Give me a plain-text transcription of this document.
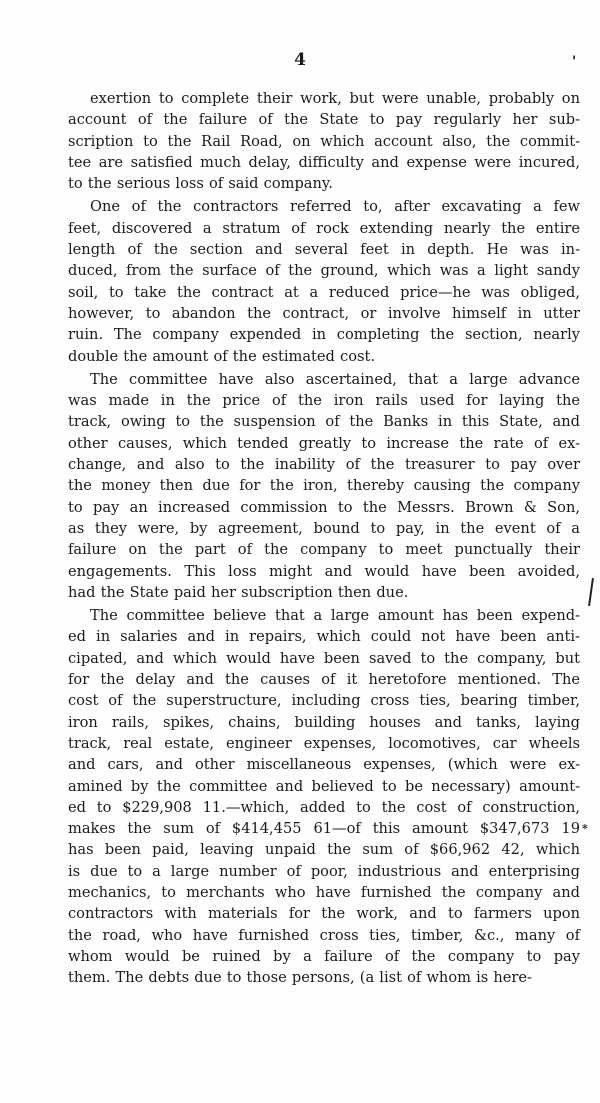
4	'
*
exertion to complete their work, but were unable, probably on
account of the failure of the State to pay regularly her sub-
scription to the Rail Road, on which account also, the commit-
tee are satisfied much delay, difficulty and expense were incured,
to the serious loss of said company.
One of the contractors referred to, after excavating a few
feet, discovered a stratum of rock extending nearly the entire
length of the section and several feet in depth. He was in-
duced, from the surface of the ground, which was a light sandy
soil, to take the contract at a reduced price—he was obliged,
however, to abandon the contract, or involve himself in utter
ruin. The company expended in completing the section, nearly
double the amount of the estimated cost.
The committee have also ascertained, that a large advance
was made in the price of the iron rails used for laying the
track, owing to the suspension of the Banks in this State, and
other causes, which tended greatly to increase the rate of ex-
change, and also to the inability of the treasurer to pay over
the money then due for the iron, thereby causing the company
to pay an increased commission to the Messrs. Brown & Son,
as they were, by agreement, bound to pay, in the event of a
failure on the part of the company to meet punctually their
engagements. This loss might and would have been avoided,
had the State paid her subscription then due.
The committee believe that a large amount has been expend-
ed in salaries and in repairs, which could not have been anti-
cipated, and which would have been saved to the company, but
for the delay and the causes of it heretofore mentioned. The
cost of the superstructure, including cross ties, bearing timber,
iron rails, spikes, chains, building houses and tanks, laying
track, real estate, engineer expenses, locomotives, car wheels
and cars, and other miscellaneous expenses, (which were ex-
amined by the committee and believed to be necessary) amount-
ed to $229,908 11.—which, added to the cost of construction,
makes the sum of $414,455 61—of this amount $347,673 19
has been paid, leaving unpaid the sum of $66,962 42, which
is due to a large number of poor, industrious and enterprising
mechanics, to merchants who have furnished the company and
contractors with materials for the work, and to farmers upon
the road, who have furnished cross ties, timber, &c., many of
whom would be ruined by a failure of the company to pay
them. The debts due to those persons, (a list of whom is here-
